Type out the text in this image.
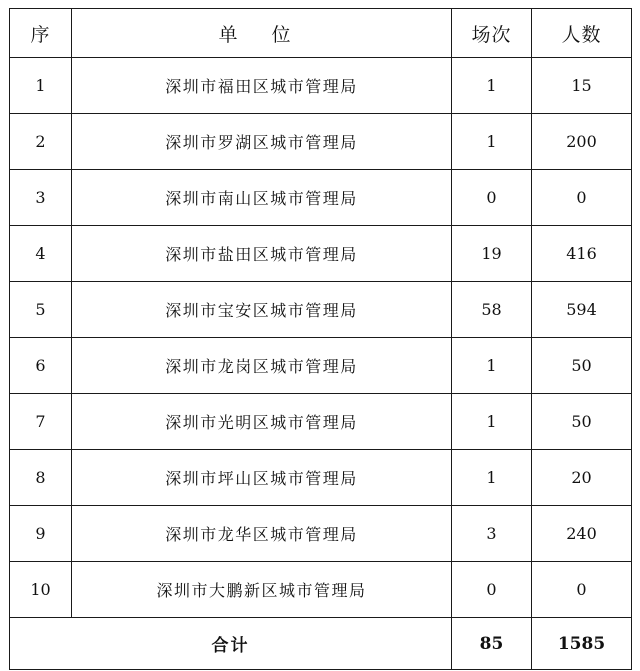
序	单 位	场次	人数
1	深圳市福田区城市管理局	1	15
2	深圳市罗湖区城市管理局	1	200
3	深圳市南山区城市管理局	0	0
4	深圳市盐田区城市管理局	19	416
5	深圳市宝安区城市管理局	58	594
6	深圳市龙岗区城市管理局	1	50
7	深圳市光明区城市管理局	1	50
8	深圳市坪山区城市管理局	1	20
9	深圳市龙华区城市管理局	3	240
10	深圳市大鹏新区城市管理局	0	0
合计		85	1585
